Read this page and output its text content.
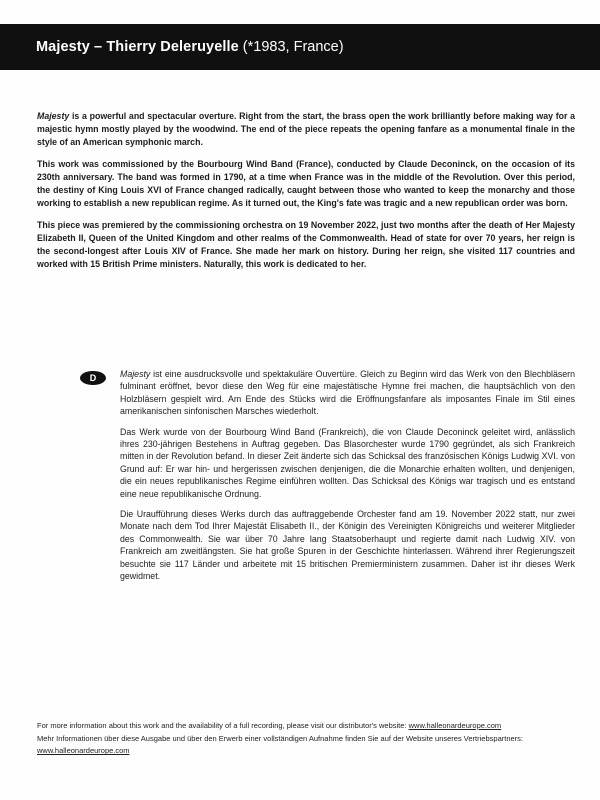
Majesty – Thierry Deleruyelle (*1983, France)

Majesty is a powerful and spectacular overture. Right from the start, the brass open the work brilliantly before making way for a majestic hymn mostly played by the woodwind. The end of the piece repeats the opening fanfare as a monumental finale in the style of an American symphonic march.

This work was commissioned by the Bourbourg Wind Band (France), conducted by Claude Deconinck, on the occasion of its 230th anniversary. The band was formed in 1790, at a time when France was in the middle of the Revolution. Over this period, the destiny of King Louis XVI of France changed radically, caught between those who wanted to keep the monarchy and those working to establish a new republican regime. As it turned out, the King's fate was tragic and a new republican order was born.

This piece was premiered by the commissioning orchestra on 19 November 2022, just two months after the death of Her Majesty Elizabeth II, Queen of the United Kingdom and other realms of the Commonwealth. Head of state for over 70 years, her reign is the second-longest after Louis XIV of France. She made her mark on history. During her reign, she visited 117 countries and worked with 15 British Prime ministers. Naturally, this work is dedicated to her.

D	Majesty ist eine ausdrucksvolle und spektakuläre Ouvertüre. Gleich zu Beginn wird das Werk von den Blechbläsern fulminant eröffnet, bevor diese den Weg für eine majestätische Hymne frei machen, die hauptsächlich von den Holzbläsern gespielt wird. Am Ende des Stücks wird die Eröffnungsfanfare als imposantes Finale im Stil eines amerikanischen sinfonischen Marsches wiederholt.

Das Werk wurde von der Bourbourg Wind Band (Frankreich), die von Claude Deconinck geleitet wird, anlässlich ihres 230-jährigen Bestehens in Auftrag gegeben. Das Blasorchester wurde 1790 gegründet, als sich Frankreich mitten in der Revolution befand. In dieser Zeit änderte sich das Schicksal des französischen Königs Ludwig XVI. von Grund auf: Er war hin- und hergerissen zwischen denjenigen, die die Monarchie erhalten wollten, und denjenigen, die ein neues republikanisches Regime einführen wollten. Das Schicksal des Königs war tragisch und es entstand eine neue republikanische Ordnung.

Die Uraufführung dieses Werks durch das auftraggebende Orchester fand am 19. November 2022 statt, nur zwei Monate nach dem Tod Ihrer Majestät Elisabeth II., der Königin des Vereinigten Königreichs und weiterer Mitglieder des Commonwealth. Sie war über 70 Jahre lang Staatsoberhaupt und regierte damit nach Ludwig XIV. von Frankreich am zweitlängsten. Sie hat große Spuren in der Geschichte hinterlassen. Während ihrer Regierungszeit besuchte sie 117 Länder und arbeitete mit 15 britischen Premierministern zusammen. Daher ist ihr dieses Werk gewidmet.

For more information about this work and the availability of a full recording, please visit our distributor's website: www.halleonardeurope.com
Mehr Informationen über diese Ausgabe und über den Erwerb einer vollständigen Aufnahme finden Sie auf der Website unseres Vertriebspartners:
www.halleonardeurope.com
